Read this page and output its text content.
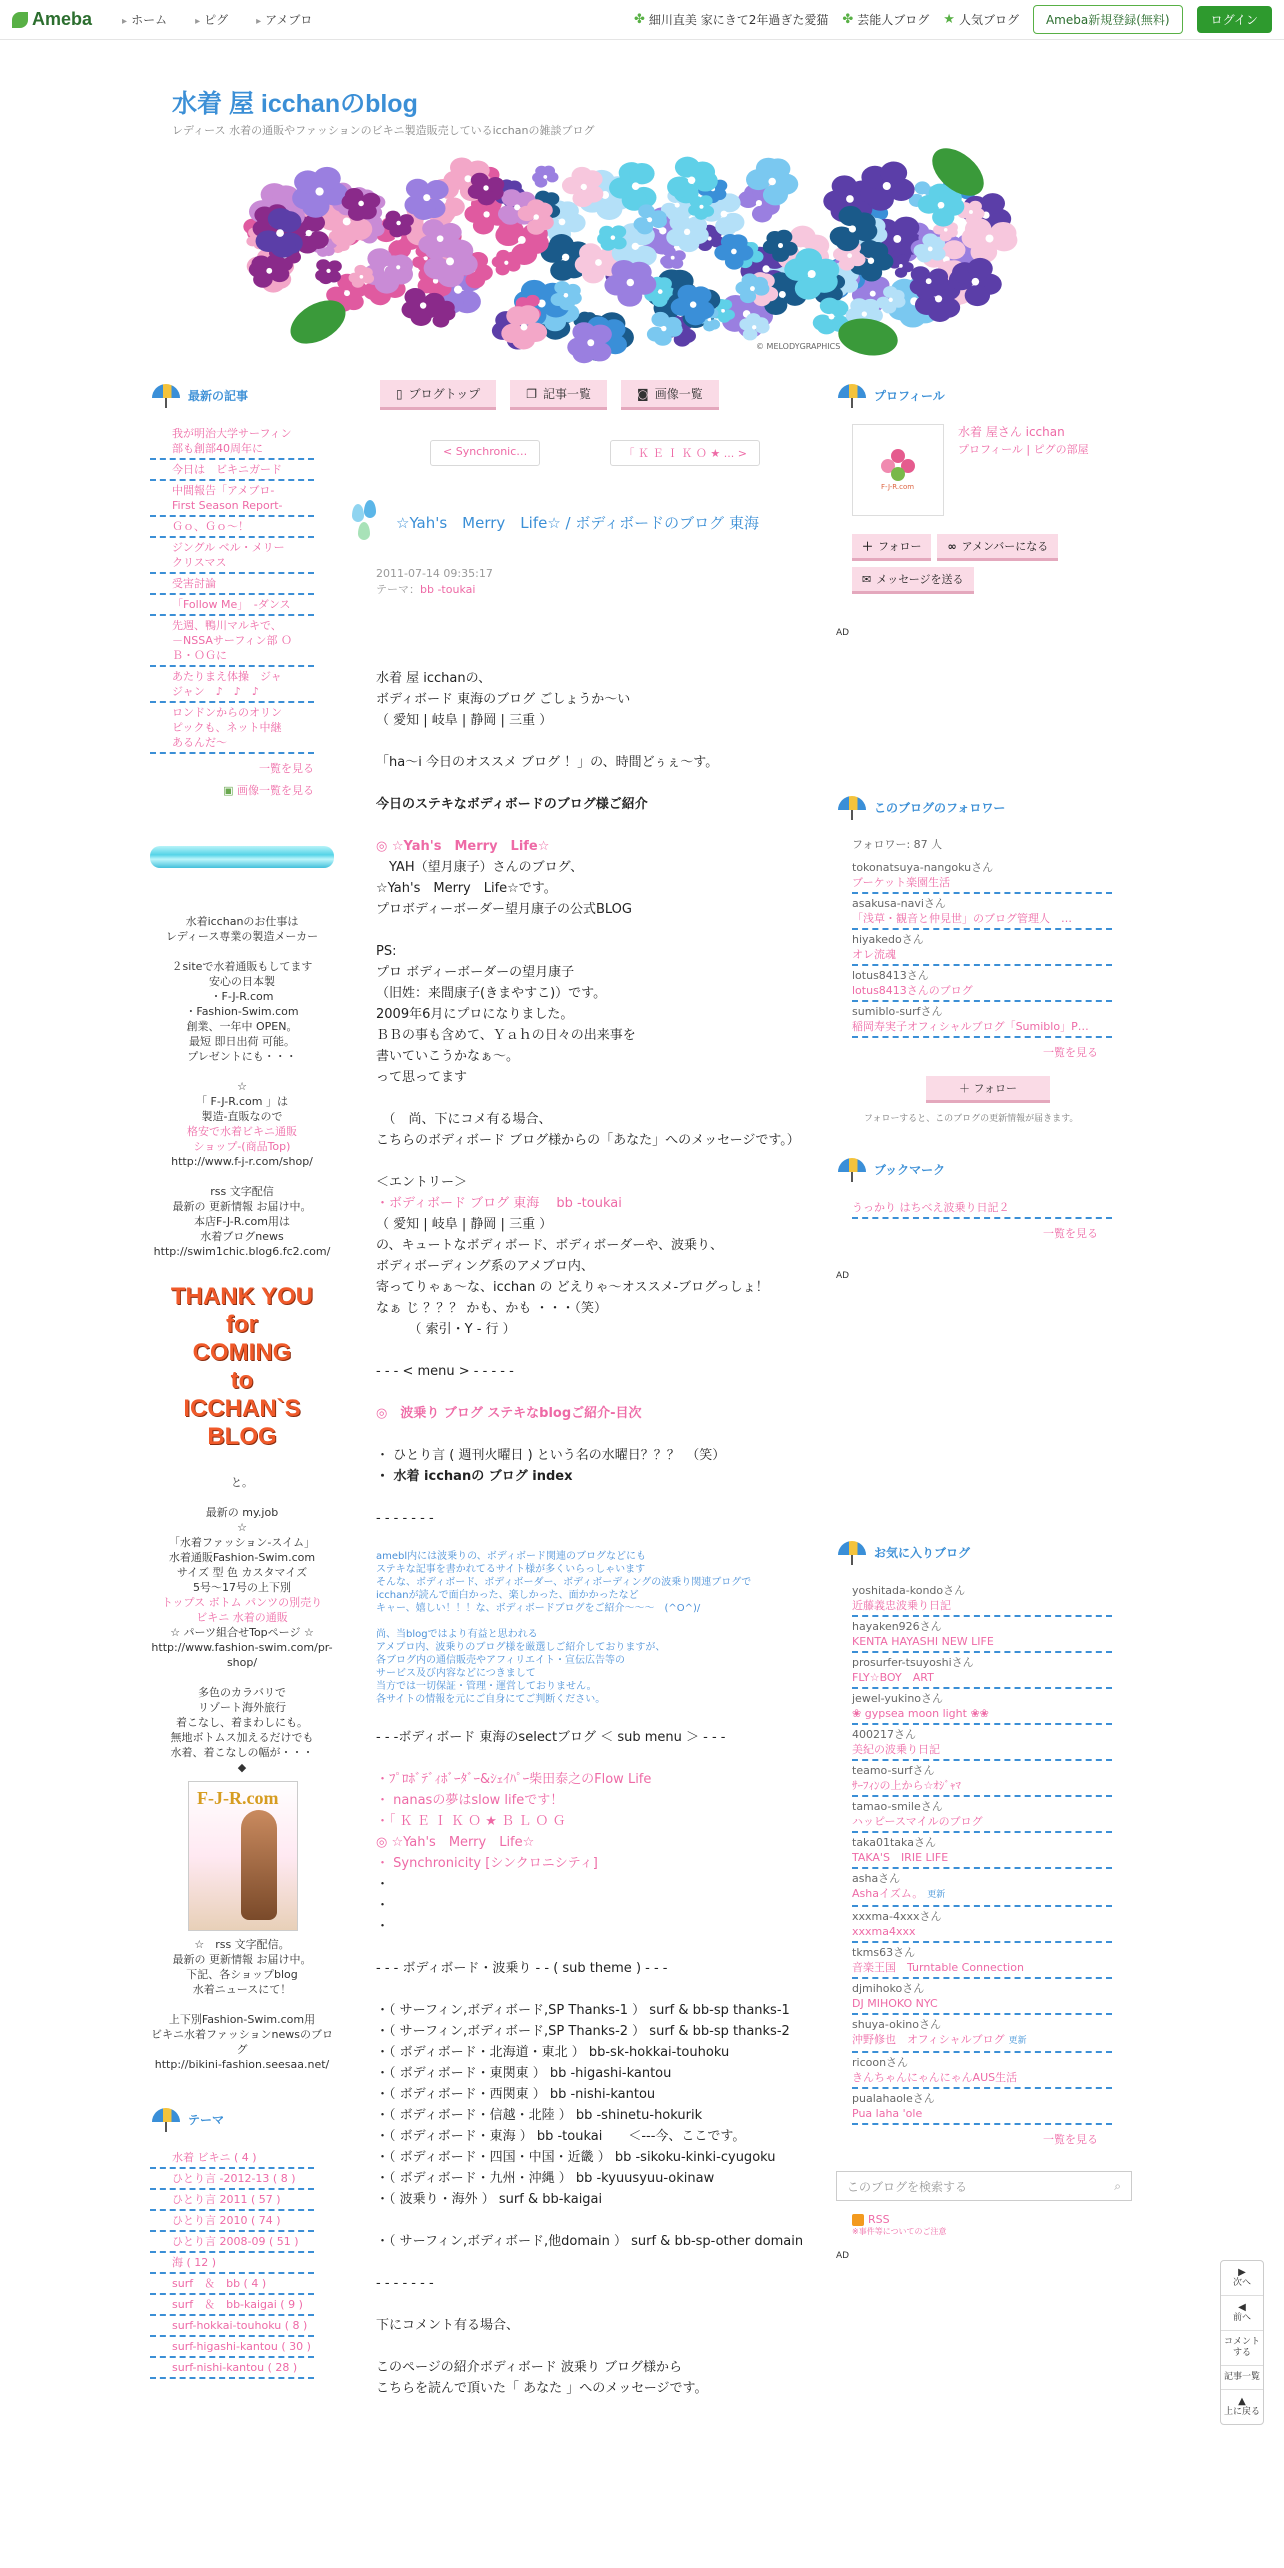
Ameba	▸ ホーム	▸ ピグ	▸ アメブロ	✤ 細川直美 家にきて2年過ぎた愛猫 ✤ 芸能人ブログ ★ 人気ブログ	Ameba新規登録(無料)	ログイン
水着 屋 icchanのblog
レディース 水着の通販やファッションのビキニ製造販売しているicchanの雑談ブログ
© MELODYGRAPHICS
最新の記事
我が明治大学サーフィン部も創部40周年に
今日は　ビキニガード
中間報告「アメブロ- First Season Report-
Ｇｏ、Ｇｏ～！
ジングル ベル・メリークリスマス
受害討論
「Follow Me」　-ダンス
先週、鴨川マルキで、－NSSAサーフィン部 ＯＢ・ＯＧに
あたりまえ体操　ジャジャン　♪　♪　♪
ロンドンからのオリンピックも、ネット中継　あるんだ～
一覧を見る
▣ 画像一覧を見る
水着icchanのお仕事は
レディース専業の製造メーカー

２siteで水着通販もしてます
安心の日本製
・F-J-R.com
・Fashion-Swim.com
創業、一年中 OPEN。
最短 即日出荷 可能。
プレゼントにも・・・

☆
「 F-J-R.com 」は
製造-直販なので
格安で水着ビキニ通販
ショップ-(商品Top)
http://www.f-j-r.com/shop/

rss 文字配信
最新の 更新情報 お届け中。
本店F-J-R.com用は
水着ブログnews
http://swim1chic.blog6.fc2.com/
THANK YOU
for
COMING
to
ICCHAN`S
BLOG
と。

最新の my.job
☆
「水着ファッション-スイム」
水着通販Fashion-Swim.com
サイズ 型 色 カスタマイズ
5号～17号の上下別
トップス ボトム パンツの別売り
ビキニ 水着の通販
☆ パーツ組合せTopページ ☆
http://www.fashion-swim.com/pr-shop/

多色のカラバリで
リゾート海外旅行
着こなし、着まわしにも。
無地ボトムス加えるだけでも
水着、着こなしの幅が・・・
◆
F-J-R.com
☆　rss 文字配信。
最新の 更新情報 お届け中。
下記、各ショップblog
水着ニュースにて！

上下別Fashion-Swim.com用
ビキニ水着ファッションnewsのブログ
http://bikini-fashion.seesaa.net/
テーマ
水着 ビキニ ( 4 )
ひとり言 -2012-13 ( 8 )
ひとり言 2011 ( 57 )
ひとり言 2010 ( 74 )
ひとり言 2008-09 ( 51 )
海 ( 12 )
surf　＆　bb ( 4 )
surf　＆　bb-kaigai ( 9 )
surf-hokkai-touhoku ( 8 )
surf-higashi-kantou ( 30 )
surf-nishi-kantou ( 28 )
▯ ブログトップ	❐ 記事一覧	◙ 画像一覧
< Synchronic…	「 Ｋ Ｅ Ｉ Ｋ Ｏ ★ ... >
☆Yah's　Merry　Life☆ / ボディボードのブログ 東海
2011-07-14 09:35:17
テーマ：bb -toukai

水着 屋 icchanの、

ボディボード 東海のブログ ごしょうか～い

（ 愛知 | 岐阜 | 静岡 | 三重 ）

「ha～i 今日のオススメ ブログ ！」の、時間どぅぇ～す。

今日のステキなボディボードのブログ様ご紹介

◎ ☆Yah's　Merry　Life☆

　YAH（望月康子）さんのブログ、

☆Yah's　Merry　Life☆です。

プロボディーボーダー望月康子の公式BLOG

PS:

プロ ボディーボーダーの望月康子

（旧姓：来間康子(きまやすこ)）です。

2009年6月にプロになりました。

ＢＢの事も含めて、Ｙａｈの日々の出来事を

書いていこうかなぁ～。

って思ってます

　（　尚、下にコメ有る場合、

こちらのボディボード ブログ様からの「あなた」へのメッセージです。）

＜エントリー＞

・ボディボード ブログ 東海　 bb -toukai

（ 愛知 | 岐阜 | 静岡 | 三重 ）

の、キュートなボディボード、ボディボーダーや、波乗り、

ボディボーディング系のアメブロ内、

寄ってりゃぁ～な、icchan の どえりゃ～オススメ-ブログっしょ！

なぁ じ ？？？ かも、かも ・・・（笑）

　　　（ 索引・Y - 行 ）

- - - < menu > - - - - -

◎　波乗り ブログ ステキなblogご紹介-目次

・ ひとり言 ( 週刊火曜日 ) という名の水曜日？？？　（笑）

・ 水着 icchanの ブログ index

- - - - - - -

amebl内には波乗りの、ボディボード関連のブログなどにも

ステキな記事を書かれてるサイト様が多くいらっしゃいます

そんな、ボディボード、ボディボーダー、ボディボーディングの波乗り関連ブログで

icchanが読んで面白かった、楽しかった、面かかったなど

キャー、嬉しい！！！な、ボディボードブログをご紹介～～～　(^O^)/

尚、当blogではより有益と思われる

アメブロ内、波乗りのブログ様を厳選しご紹介しておりますが、

各ブログ内の通信販売やアフィリエイト・宣伝広告等の

サービス及び内容などにつきまして

当方では一切保証・管理・運営しておりません。

各サイトの情報を元にご自身にてご判断ください。

- - -ボディボード 東海のselectブログ ＜ sub menu ＞ - - -

・ﾌﾟﾛﾎﾞﾃﾞｨﾎﾞｰﾀﾞｰ&ｼｪｲﾊﾟｰ柴田泰之のFlow Life

・ nanasの夢はslow lifeです！

・「 Ｋ Ｅ Ｉ Ｋ Ｏ ★ Ｂ Ｌ Ｏ Ｇ

◎ ☆Yah's　Merry　Life☆

・ Synchronicity [シンクロニシティ]

・

・

・

- - - ボディボード・波乗り - - ( sub theme ) - - -

・（ サーフィン,ボディボード,SP Thanks-1 ） surf & bb-sp thanks-1

・（ サーフィン,ボディボード,SP Thanks-2 ） surf & bb-sp thanks-2

・（ ボディボード・北海道・東北 ） bb-sk-hokkai-touhoku

・（ ボディボード・東関東 ） bb -higashi-kantou

・（ ボディボード・西関東 ） bb -nishi-kantou

・（ ボディボード・信越・北陸 ） bb -shinetu-hokurik

・（ ボディボード・東海 ） bb -toukai　　＜---今、ここです。

・（ ボディボード・四国・中国・近畿 ） bb -sikoku-kinki-cyugoku

・（ ボディボード・九州・沖縄 ） bb -kyuusyuu-okinaw

・（ 波乗り・海外 ） surf & bb-kaigai

・（ サーフィン,ボディボード,他domain ） surf & bb-sp-other domain

- - - - - - -

下にコメント有る場合、

このページの紹介ボディボード 波乗り ブログ様から

こちらを読んで頂いた「 あなた 」へのメッセージです。

プロフィール
F-J-R.com
水着 屋さん icchan
プロフィール | ピグの部屋
＋ フォロー ∞ アメンバーになる
✉ メッセージを送る
AD
このブログのフォロワー
フォロワー: 87 人
tokonatsuya-nangokuさん
ブーケット楽園生活
asakusa-naviさん
「浅草・観音と仲見世」のブログ管理人　…
hiyakedoさん
オレ流魂
lotus8413さん
lotus8413さんのブログ
sumiblo-surfさん
稲岡寿実子オフィシャルブログ「Sumiblo」P…
一覧を見る
＋ フォロー
フォローすると、このブログの更新情報が届きます。
ブックマーク
うっかり はちべえ波乗り日記２
一覧を見る
AD
お気に入りブログ
yoshitada-kondoさん
近藤義忠波乗り日記
hayaken926さん
KENTA HAYASHI NEW LIFE
prosurfer-tsuyoshiさん
FLY☆BOY　ART
jewel-yukinoさん
❀ gypsea moon light ❀❀
400217さん
美紀の波乗り日記
teamo-surfさん
ｻｰﾌｨﾝの上から☆ｵｼﾞｬﾏ
tamao-smileさん
ハッピースマイルのブログ
taka01takaさん
TAKA'S　IRIE LIFE
ashaさん
Ashaイズム。 更新
xxxma-4xxxさん
xxxma4xxx
tkms63さん
音楽王国　Turntable Connection
djmihokoさん
DJ MIHOKO NYC
shuya-okinoさん
沖野修也　オフィシャルブログ 更新
ricoonさん
きんちゃんにゃんにゃんAUS生活
pualahaoleさん
Pua laha 'ole
一覧を見る
このブログを検索する	⌕
RSS
※事件等についてのご注意
AD
▶
次へ
◀
前へ
コメントする
記事一覧
▲
上に戻る
